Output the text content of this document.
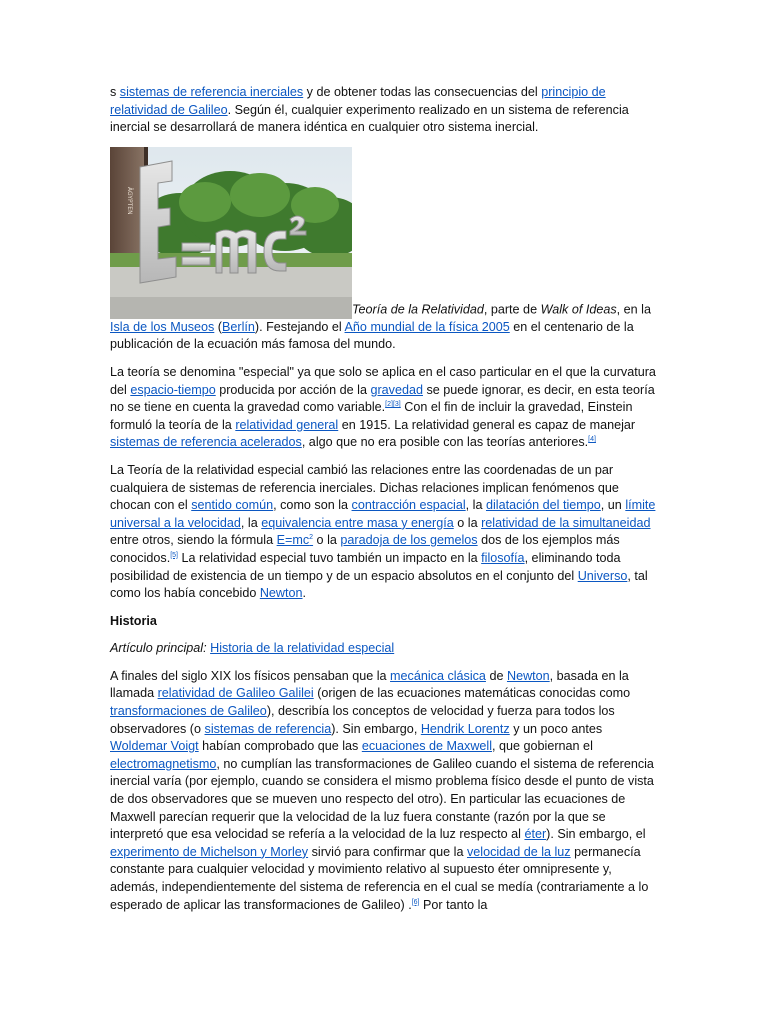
s sistemas de referencia inerciales y de obtener todas las consecuencias del principio de relatividad de Galileo. Según él, cualquier experimento realizado en un sistema de referencia inercial se desarrollará de manera idéntica en cualquier otro sistema inercial.

ÄGYPTEN
Teoría de la Relatividad, parte de Walk of Ideas, en la Isla de los Museos (Berlín). Festejando el Año mundial de la física 2005 en el centenario de la publicación de la ecuación más famosa del mundo.

La teoría se denomina "especial" ya que solo se aplica en el caso particular en el que la curvatura del espacio-tiempo producida por acción de la gravedad se puede ignorar, es decir, en esta teoría no se tiene en cuenta la gravedad como variable.[2][3] Con el fin de incluir la gravedad, Einstein formuló la teoría de la relatividad general en 1915. La relatividad general es capaz de manejar sistemas de referencia acelerados, algo que no era posible con las teorías anteriores.[4]

La Teoría de la relatividad especial cambió las relaciones entre las coordenadas de un par cualquiera de sistemas de referencia inerciales. Dichas relaciones implican fenómenos que chocan con el sentido común, como son la contracción espacial, la dilatación del tiempo, un límite universal a la velocidad, la equivalencia entre masa y energía o la relatividad de la simultaneidad entre otros, siendo la fórmula E=mc$^2$ o la paradoja de los gemelos dos de los ejemplos más conocidos.[5] La relatividad especial tuvo también un impacto en la filosofía, eliminando toda posibilidad de existencia de un tiempo y de un espacio absolutos en el conjunto del Universo, tal como los había concebido Newton.

Historia

Artículo principal: Historia de la relatividad especial

A finales del siglo XIX los físicos pensaban que la mecánica clásica de Newton, basada en la llamada relatividad de Galileo Galilei (origen de las ecuaciones matemáticas conocidas como transformaciones de Galileo), describía los conceptos de velocidad y fuerza para todos los observadores (o sistemas de referencia). Sin embargo, Hendrik Lorentz y un poco antes Woldemar Voigt habían comprobado que las ecuaciones de Maxwell, que gobiernan el electromagnetismo, no cumplían las transformaciones de Galileo cuando el sistema de referencia inercial varía (por ejemplo, cuando se considera el mismo problema físico desde el punto de vista de dos observadores que se mueven uno respecto del otro). En particular las ecuaciones de Maxwell parecían requerir que la velocidad de la luz fuera constante (razón por la que se interpretó que esa velocidad se refería a la velocidad de la luz respecto al éter). Sin embargo, el experimento de Michelson y Morley sirvió para confirmar que la velocidad de la luz permanecía constante para cualquier velocidad y movimiento relativo al supuesto éter omnipresente y, además, independientemente del sistema de referencia en el cual se medía (contrariamente a lo esperado de aplicar las transformaciones de Galileo) .[6] Por tanto la
